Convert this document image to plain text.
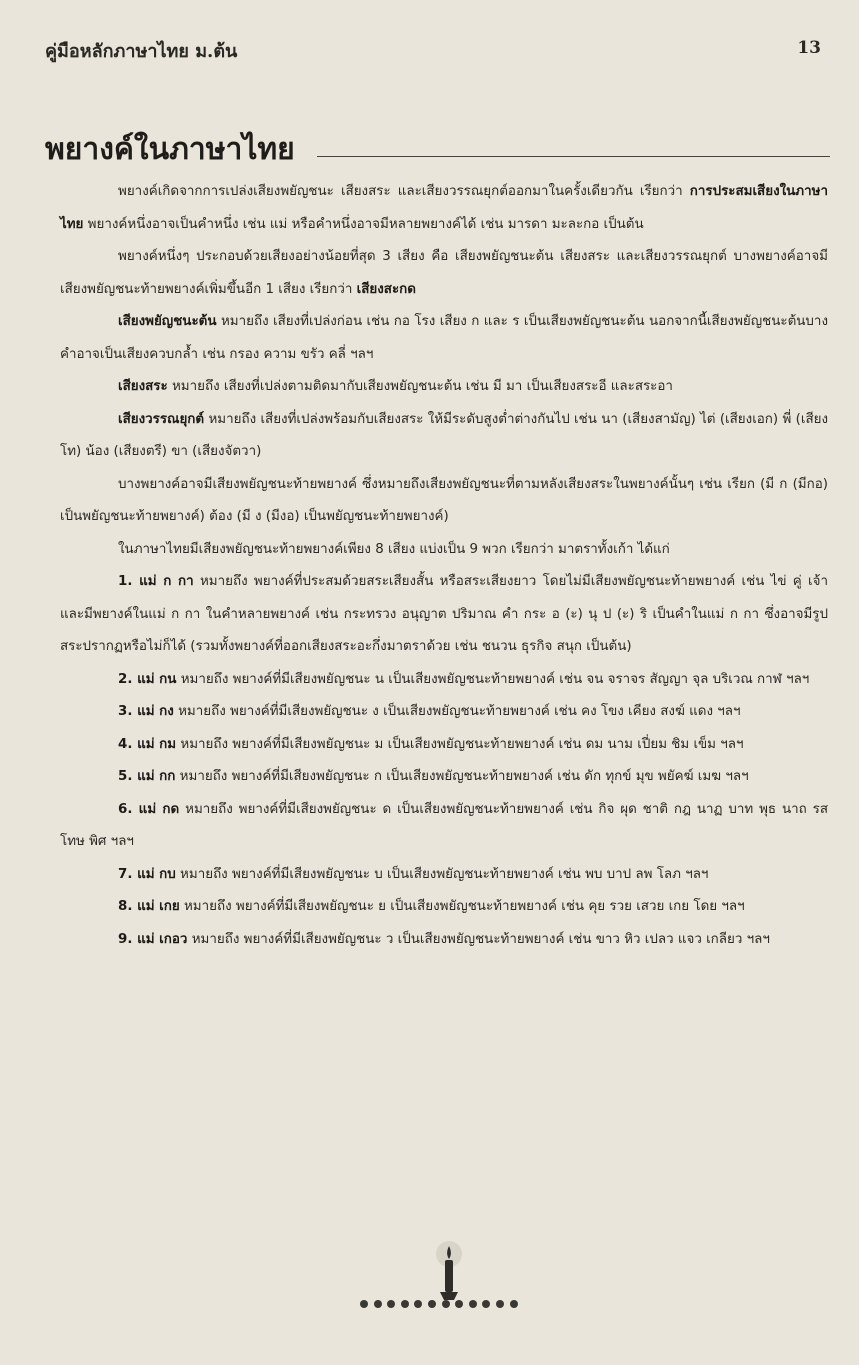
คู่มือหลักภาษาไทย ม.ต้น	13
พยางค์ในภาษาไทย

พยางค์เกิดจากการเปล่งเสียงพยัญชนะ เสียงสระ และเสียงวรรณยุกต์ออกมาในครั้งเดียวกัน เรียกว่า การประสมเสียงในภาษาไทย พยางค์หนึ่งอาจเป็นคำหนึ่ง เช่น แม่ หรือคำหนึ่งอาจมีหลายพยางค์ได้ เช่น มารดา มะละกอ เป็นต้น

พยางค์หนึ่งๆ ประกอบด้วยเสียงอย่างน้อยที่สุด 3 เสียง คือ เสียงพยัญชนะต้น เสียงสระ และเสียงวรรณยุกต์ บางพยางค์อาจมีเสียงพยัญชนะท้ายพยางค์เพิ่มขึ้นอีก 1 เสียง เรียกว่า เสียงสะกด

เสียงพยัญชนะต้น หมายถึง เสียงที่เปล่งก่อน เช่น กอ โรง เสียง ก และ ร เป็นเสียงพยัญชนะต้น นอกจากนี้เสียงพยัญชนะต้นบางคำอาจเป็นเสียงควบกล้ำ เช่น กรอง ความ ขรัว คลี่ ฯลฯ

เสียงสระ หมายถึง เสียงที่เปล่งตามติดมากับเสียงพยัญชนะต้น เช่น มี มา เป็นเสียงสระอี และสระอา

เสียงวรรณยุกต์ หมายถึง เสียงที่เปล่งพร้อมกับเสียงสระ ให้มีระดับสูงต่ำต่างกันไป เช่น นา (เสียงสามัญ) ไต่ (เสียงเอก) พี่ (เสียงโท) น้อง (เสียงตรี) ขา (เสียงจัตวา)

บางพยางค์อาจมีเสียงพยัญชนะท้ายพยางค์ ซึ่งหมายถึงเสียงพยัญชนะที่ตามหลังเสียงสระในพยางค์นั้นๆ เช่น เรียก (มี ก (มีกอ) เป็นพยัญชนะท้ายพยางค์) ต้อง (มี ง (มีงอ) เป็นพยัญชนะท้ายพยางค์)

ในภาษาไทยมีเสียงพยัญชนะท้ายพยางค์เพียง 8 เสียง แบ่งเป็น 9 พวก เรียกว่า มาตราทั้งเก้า ได้แก่

1. แม่ ก กา หมายถึง พยางค์ที่ประสมด้วยสระเสียงสั้น หรือสระเสียงยาว โดยไม่มีเสียงพยัญชนะท้ายพยางค์ เช่น ไข่ คู่ เจ้า และมีพยางค์ในแม่ ก กา ในคำหลายพยางค์ เช่น กระทรวง อนุญาต ปริมาณ คำ กระ อ (ะ) นุ ป (ะ) ริ เป็นคำในแม่ ก กา ซึ่งอาจมีรูปสระปรากฏหรือไม่ก็ได้ (รวมทั้งพยางค์ที่ออกเสียงสระอะกึ่งมาตราด้วย เช่น ชนวน ธุรกิจ สนุก เป็นต้น)

2. แม่ กน หมายถึง พยางค์ที่มีเสียงพยัญชนะ น เป็นเสียงพยัญชนะท้ายพยางค์ เช่น จน จราจร สัญญา จุล บริเวณ กาฬ ฯลฯ

3. แม่ กง หมายถึง พยางค์ที่มีเสียงพยัญชนะ ง เป็นเสียงพยัญชนะท้ายพยางค์ เช่น คง โขง เคียง สงฆ์ แดง ฯลฯ

4. แม่ กม หมายถึง พยางค์ที่มีเสียงพยัญชนะ ม เป็นเสียงพยัญชนะท้ายพยางค์ เช่น ดม นาม เปี่ยม ชิม เข็ม ฯลฯ

5. แม่ กก หมายถึง พยางค์ที่มีเสียงพยัญชนะ ก เป็นเสียงพยัญชนะท้ายพยางค์ เช่น ดัก ทุกข์ มุข พยัคฆ์ เมฆ ฯลฯ

6. แม่ กด หมายถึง พยางค์ที่มีเสียงพยัญชนะ ด เป็นเสียงพยัญชนะท้ายพยางค์ เช่น กิจ ผุด ชาติ กฎ นาฏ บาท พุธ นาถ รส โทษ พิศ ฯลฯ

7. แม่ กบ หมายถึง พยางค์ที่มีเสียงพยัญชนะ บ เป็นเสียงพยัญชนะท้ายพยางค์ เช่น พบ บาป ลพ โลภ ฯลฯ

8. แม่ เกย หมายถึง พยางค์ที่มีเสียงพยัญชนะ ย เป็นเสียงพยัญชนะท้ายพยางค์ เช่น คุย รวย เสวย เกย โดย ฯลฯ

9. แม่ เกอว หมายถึง พยางค์ที่มีเสียงพยัญชนะ ว เป็นเสียงพยัญชนะท้ายพยางค์ เช่น ขาว หิว เปลว แจว เกลียว ฯลฯ
